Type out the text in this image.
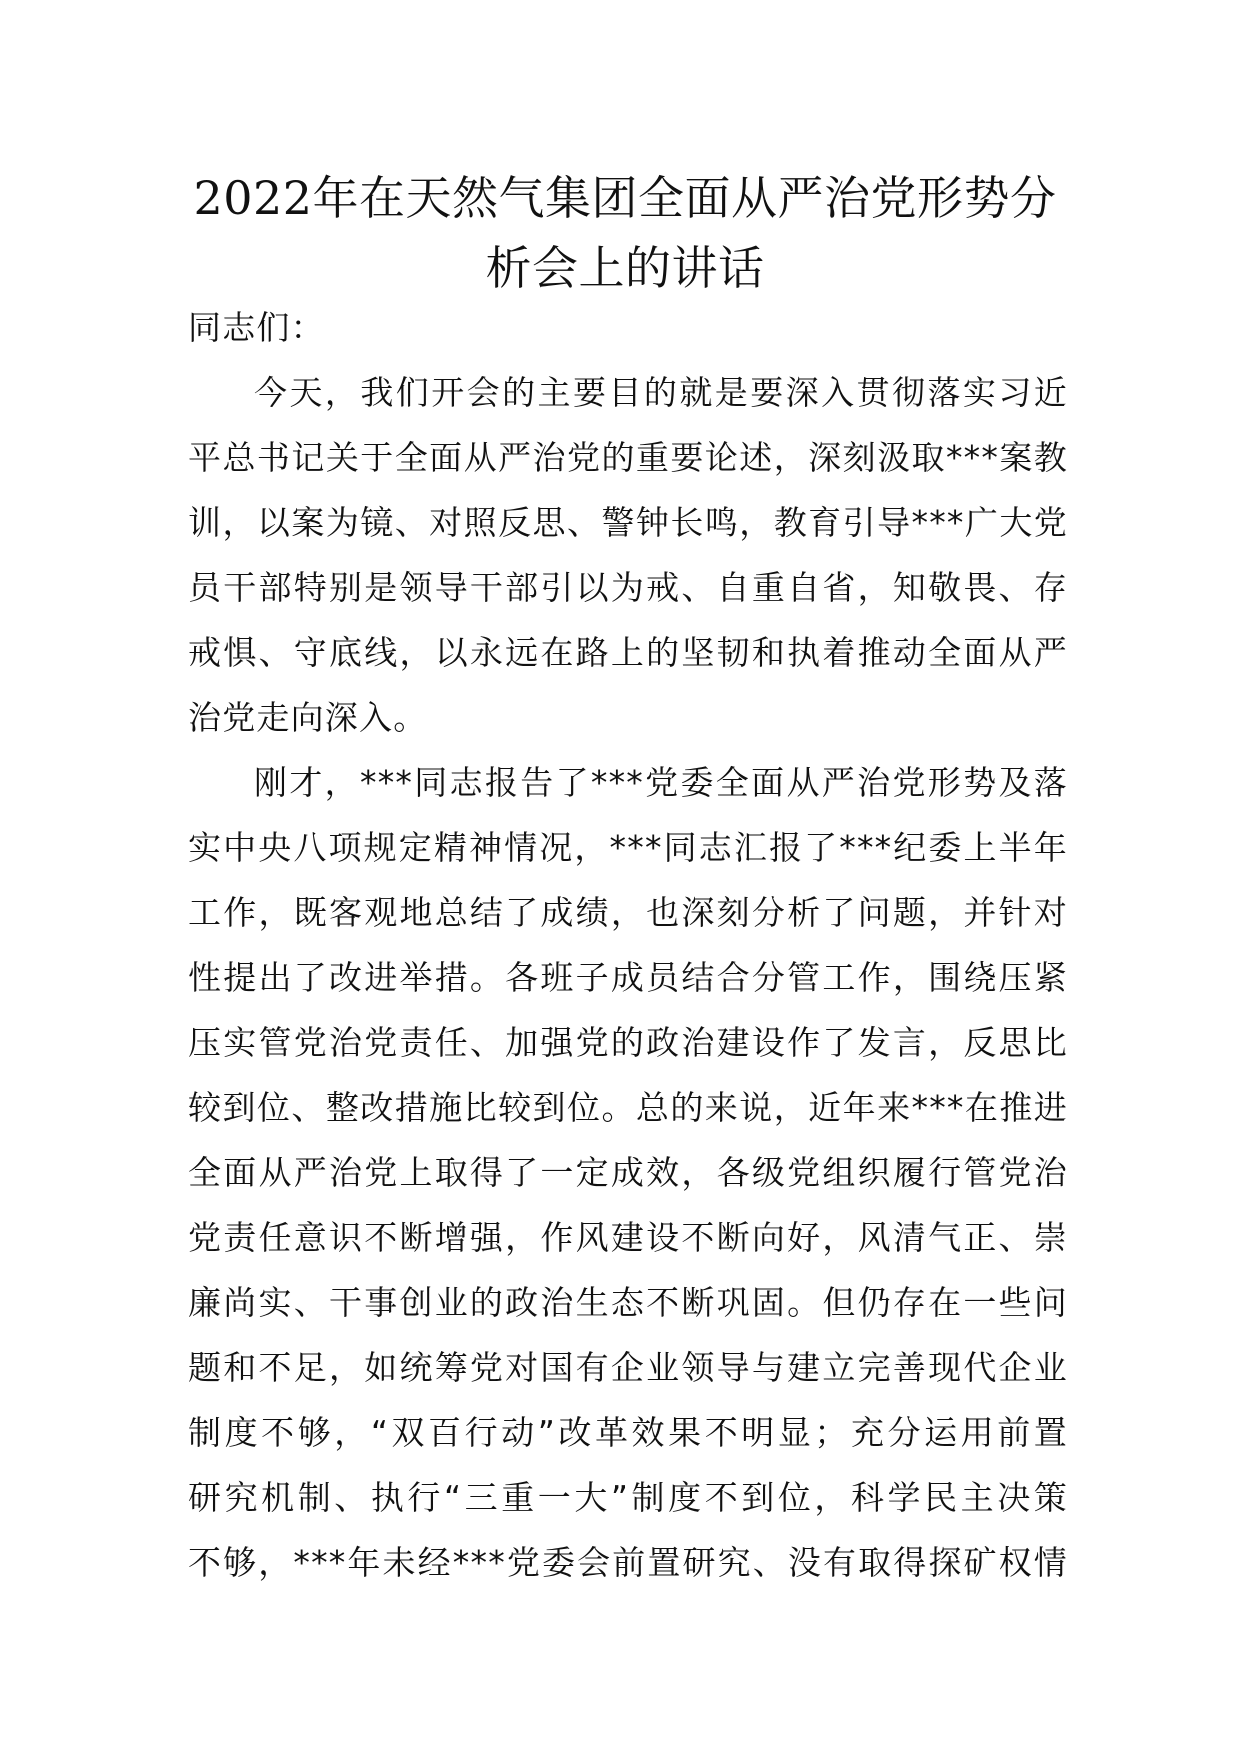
2022年在天然气集团全面从严治党形势分
析会上的讲话

同志们：

今天，我们开会的主要目的就是要深入贯彻落实习近
平总书记关于全面从严治党的重要论述，深刻汲取***案教
训，以案为镜、对照反思、警钟长鸣，教育引导***广大党
员干部特别是领导干部引以为戒、自重自省，知敬畏、存
戒惧、守底线，以永远在路上的坚韧和执着推动全面从严
治党走向深入。

刚才，***同志报告了***党委全面从严治党形势及落
实中央八项规定精神情况，***同志汇报了***纪委上半年
工作，既客观地总结了成绩，也深刻分析了问题，并针对
性提出了改进举措。各班子成员结合分管工作，围绕压紧
压实管党治党责任、加强党的政治建设作了发言，反思比
较到位、整改措施比较到位。总的来说，近年来***在推进
全面从严治党上取得了一定成效，各级党组织履行管党治
党责任意识不断增强，作风建设不断向好，风清气正、崇
廉尚实、干事创业的政治生态不断巩固。但仍存在一些问
题和不足，如统筹党对国有企业领导与建立完善现代企业
制度不够，“双百行动”改革效果不明显；充分运用前置
研究机制、执行“三重一大”制度不到位，科学民主决策
不够，***年未经***党委会前置研究、没有取得探矿权情
